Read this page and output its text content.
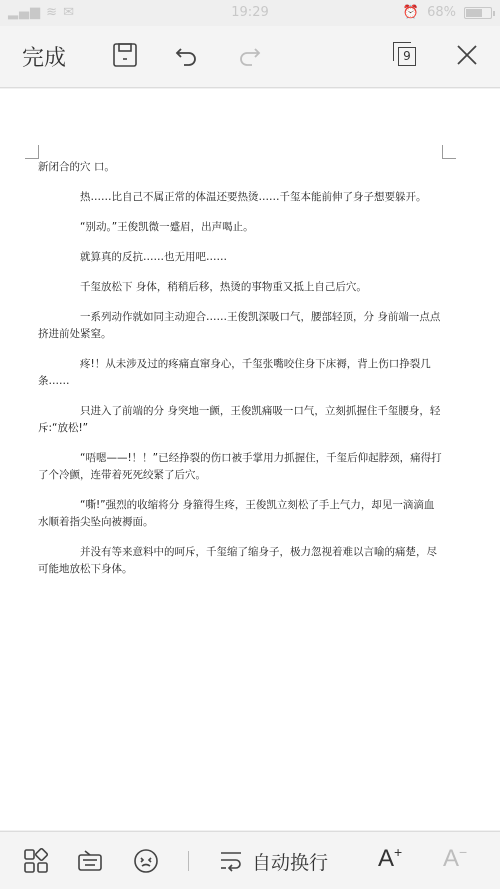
▂▄▆ ≋ ✉	19:29	⏰ 68%
完成	9

新闭合的穴 口。

热……比自己不属正常的体温还要热烫……千玺本能前伸了身子想要躲开。

“别动。”王俊凯微一蹙眉，出声喝止。

就算真的反抗……也无用吧……

千玺放松下 身体，稍稍后移，热烫的事物重又抵上自己后穴。

一系列动作就如同主动迎合……王俊凯深吸口气，腰部轻顶，分 身前端一点点挤进前处紧窒。

疼!！从未涉及过的疼痛直窜身心，千玺张嘴咬住身下床褥，背上伤口挣裂几条……

只进入了前端的分 身突地一颤，王俊凯痛吸一口气，立刻抓握住千玺腰身，轻斥:“放松!”

“唔嗯——!！！”已经挣裂的伤口被手掌用力抓握住，千玺后仰起脖颈，痛得打了个冷颤，连带着死死绞紧了后穴。

“嘶!”强烈的收缩将分 身箍得生疼，王俊凯立刻松了手上气力，却见一滴滴血水顺着指尖坠向被褥面。

并没有等来意料中的呵斥，千玺缩了缩身子，极力忽视着难以言喻的痛楚，尽可能地放松下身体。

自动换行 A+ A−
